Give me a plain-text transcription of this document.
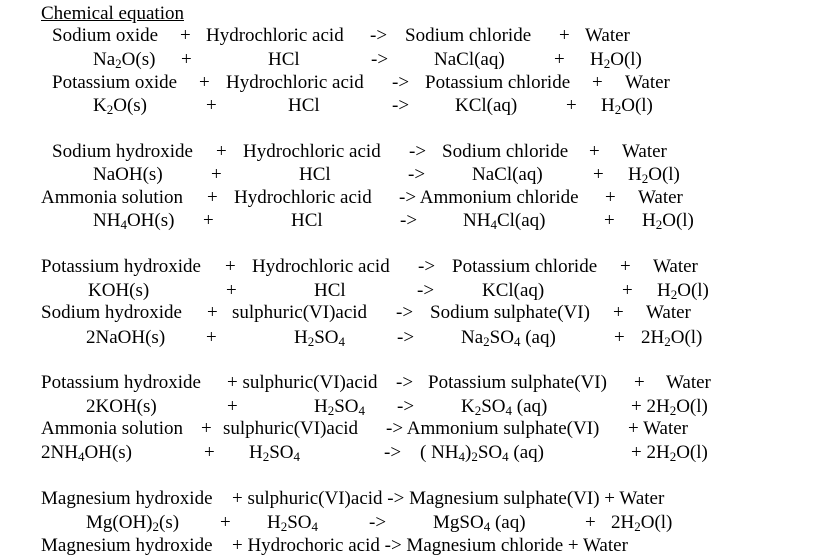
Chemical equation
Sodium oxide + Hydrochloric acid -> Sodium chloride + Water
$Na_2O(s)$ +	HCl	-> NaCl(aq)	+ $H_2O(l)$
Potassium oxide + Hydrochloric acid -> Potassium chloride + Water
$K_2O(s)$	+	HCl	-> KCl(aq)	+ $H_2O(l)$
Sodium hydroxide + Hydrochloric acid -> Sodium chloride + Water
NaOH(s)	+	HCl	-> NaCl(aq)	+ $H_2O(l)$
Ammonia solution + Hydrochloric acid -> Ammonium chloride + Water
$NH_4OH(s)$ +	HCl	-> $NH_4Cl(aq)$	+ $H_2O(l)$
Potassium hydroxide + Hydrochloric acid -> Potassium chloride + Water
KOH(s)	+	HCl	->	KCl(aq)	+ $H_2O(l)$
Sodium hydroxide + sulphuric(VI)acid -> Sodium sulphate(VI) + Water
2NaOH(s) +	$H_2SO_4$	-> $Na_2SO_4$ (aq)	+ $2H_2O(l)$
Potassium hydroxide + sulphuric(VI)acid -> Potassium sulphate(VI) + Water
2KOH(s)	+	$H_2SO_4 -> K_2SO_4$ (aq)	+ $2H_2O(l)$
Ammonia solution + sulphuric(VI)acid -> Ammonium sulphate(VI) + Water
$2NH_4OH(s)$	+ $H_2SO_4$	-> ( $NH_4)_2SO_4$ (aq)	+ $2H_2O(l)$
Magnesium hydroxide + sulphuric(VI)acid -> Magnesium sulphate(VI) + Water
$Mg(OH)_2(s) + H_2SO_4$	-> MgSO$_4$ (aq)	+ $2H_2O(l)$
Magnesium hydroxide + Hydrochoric acid -> Magnesium chloride + Water
